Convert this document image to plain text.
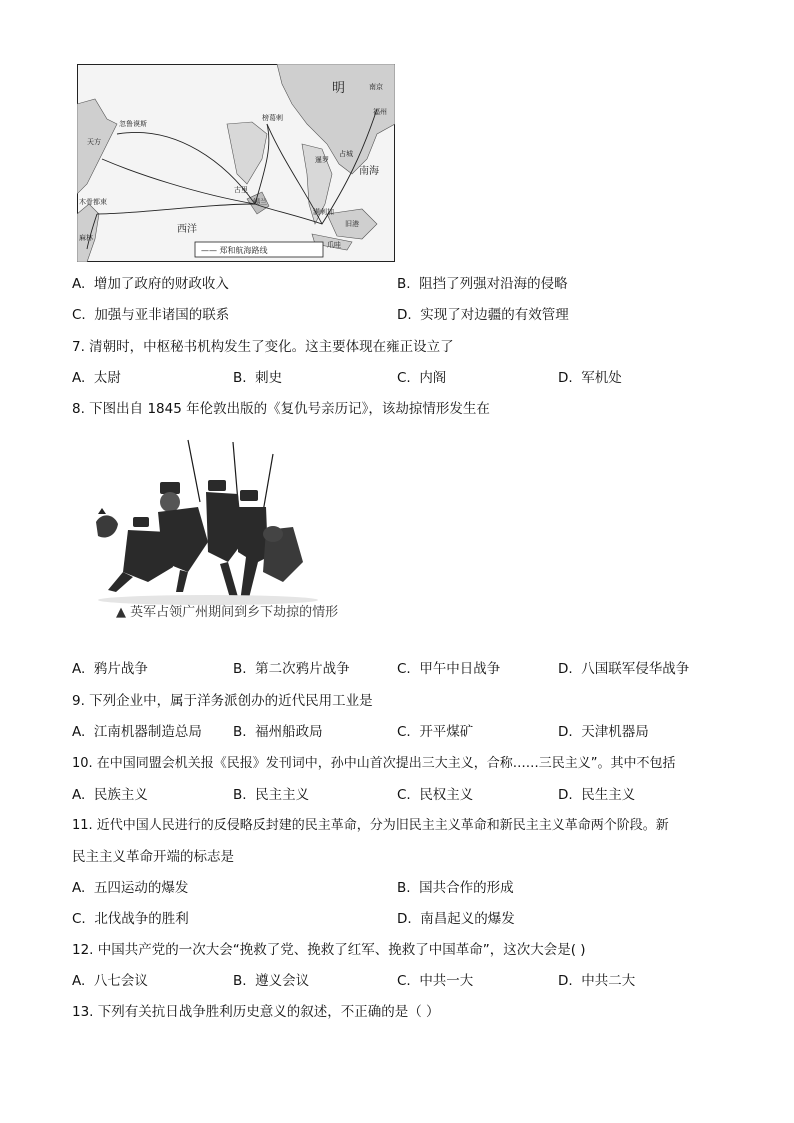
明	南京
福州
南海
西洋
古里
天方
忽鲁谟斯
木骨都束
麻林
榜葛剌
锡兰
占城
爪哇
旧港
满剌加
暹罗
—— 郑和航海路线
A. 增加了政府的财政收入	B. 阻挡了列强对沿海的侵略
C. 加强与亚非诸国的联系	D. 实现了对边疆的有效管理
7. 清朝时，中枢秘书机构发生了变化。这主要体现在雍正设立了
A. 太尉	B. 刺史	C. 内阁	D. 军机处
8. 下图出自 1845 年伦敦出版的《复仇号亲历记》，该劫掠情形发生在
▲ 英军占领广州期间到乡下劫掠的情形
A. 鸦片战争	B. 第二次鸦片战争	C. 甲午中日战争	D. 八国联军侵华战争
9. 下列企业中，属于洋务派创办的近代民用工业是
A. 江南机器制造总局 B. 福州船政局	C. 开平煤矿	D. 天津机器局
10. 在中国同盟会机关报《民报》发刊词中，孙中山首次提出三大主义，合称……三民主义”。其中不包括
A. 民族主义	B. 民主主义	C. 民权主义	D. 民生主义
11. 近代中国人民进行的反侵略反封建的民主革命，分为旧民主主义革命和新民主主义革命两个阶段。新
民主主义革命开端的标志是
A. 五四运动的爆发	B. 国共合作的形成
C. 北伐战争的胜利	D. 南昌起义的爆发
12. 中国共产党的一次大会“挽救了党、挽救了红军、挽救了中国革命”，这次大会是( )
A. 八七会议	B. 遵义会议	C. 中共一大	D. 中共二大
13. 下列有关抗日战争胜利历史意义的叙述，不正确的是（ ）
